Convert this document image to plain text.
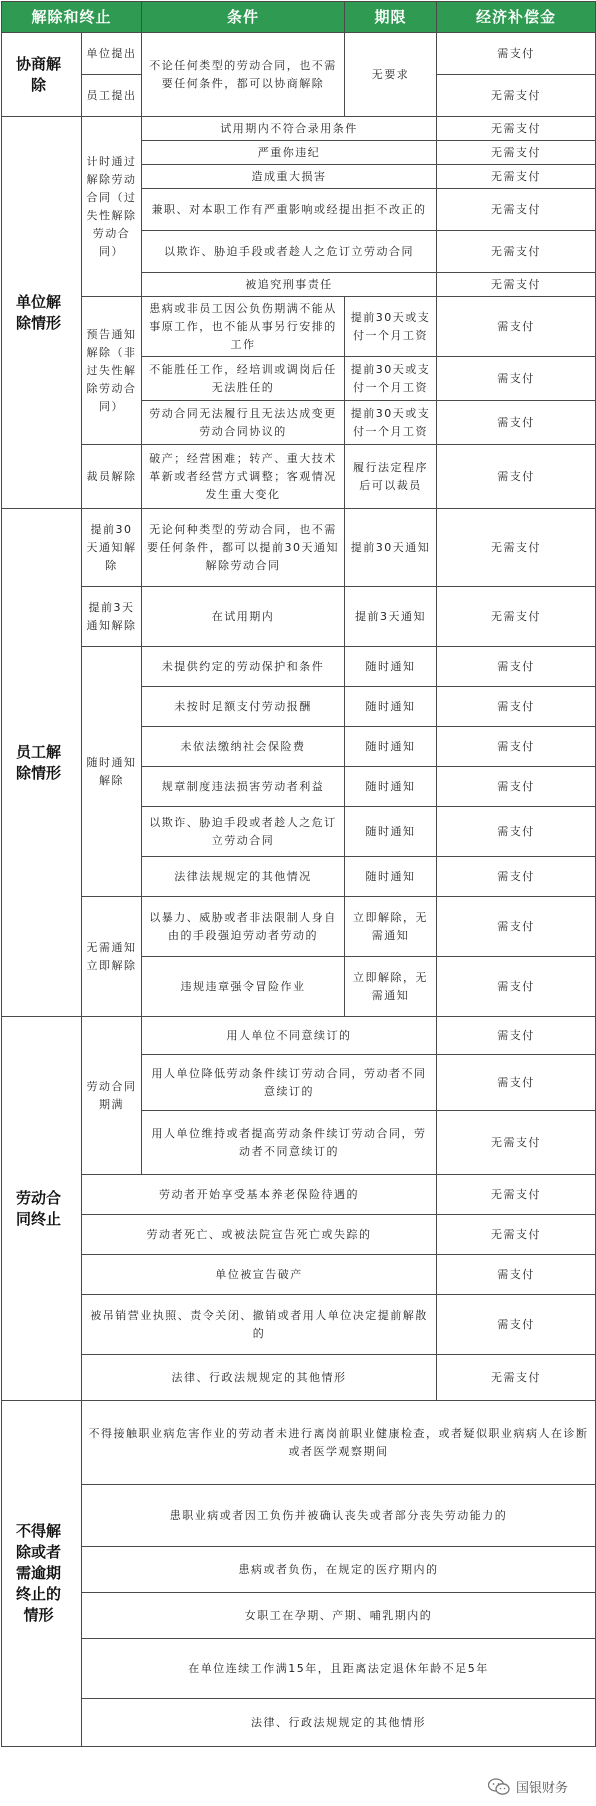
解除和终止		条件	期限	经济补偿金

协商解除	单位提出	不论任何类型的劳动合同，也不需要任何条件，都可以协商解除	无要求	需支付
	员工提出			无需支付

单位解除情形	计时通过解除劳动合同（过失性解除劳动合同）	试用期内不符合录用条件		无需支付
		严重你违纪		无需支付
		造成重大损害		无需支付
		兼职、对本职工作有严重影响或经提出拒不改正的		无需支付
		以欺诈、胁迫手段或者趁人之危订立劳动合同		无需支付
		被追究刑事责任		无需支付
	预告通知解除（非过失性解除劳动合同）	患病或非员工因公负伤期满不能从事原工作，也不能从事另行安排的工作	提前30天或支付一个月工资	需支付
		不能胜任工作，经培训或调岗后任无法胜任的	提前30天或支付一个月工资	需支付
		劳动合同无法履行且无法达成变更劳动合同协议的	提前30天或支付一个月工资	需支付
	裁员解除	破产；经营困难；转产、重大技术革新或者经营方式调整；客观情况发生重大变化	履行法定程序后可以裁员	需支付

员工解除情形	提前30天通知解除	无论何种类型的劳动合同，也不需要任何条件，都可以提前30天通知解除劳动合同	提前30天通知	无需支付
	提前3天通知解除	在试用期内	提前3天通知	无需支付
	随时通知解除	未提供约定的劳动保护和条件	随时通知	需支付
		未按时足额支付劳动报酬	随时通知	需支付
		未依法缴纳社会保险费	随时通知	需支付
		规章制度违法损害劳动者利益	随时通知	需支付
		以欺诈、胁迫手段或者趁人之危订立劳动合同	随时通知	需支付
		法律法规规定的其他情况	随时通知	需支付
	无需通知立即解除	以暴力、威胁或者非法限制人身自由的手段强迫劳动者劳动的	立即解除，无需通知	需支付
		违规违章强令冒险作业	立即解除，无需通知	需支付

劳动合同终止	劳动合同期满	用人单位不同意续订的		需支付
		用人单位降低劳动条件续订劳动合同，劳动者不同意续订的		需支付
		用人单位维持或者提高劳动条件续订劳动合同，劳动者不同意续订的		无需支付
	劳动者开始享受基本养老保险待遇的			无需支付
	劳动者死亡、或被法院宣告死亡或失踪的			无需支付
	单位被宣告破产			需支付
	被吊销营业执照、责令关闭、撤销或者用人单位决定提前解散的			需支付
	法律、行政法规规定的其他情形			无需支付

不得解除或者需逾期终止的情形	不得接触职业病危害作业的劳动者未进行离岗前职业健康检查，或者疑似职业病病人在诊断或者医学观察期间			
	患职业病或者因工负伤并被确认丧失或者部分丧失劳动能力的			
	患病或者负伤，在规定的医疗期内的			
	女职工在孕期、产期、哺乳期内的			
	在单位连续工作满15年，且距离法定退休年龄不足5年			
	法律、行政法规规定的其他情形			
国银财务
